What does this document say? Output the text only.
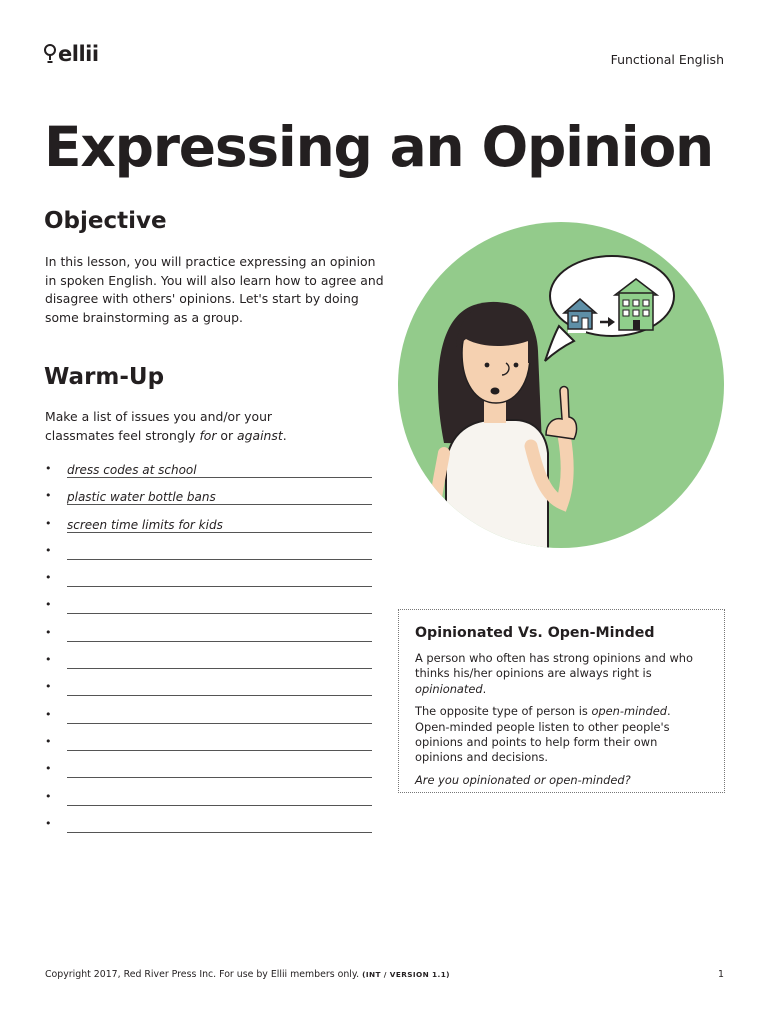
ellii	Functional English
Expressing an Opinion
Objective

In this lesson, you will practice expressing an opinion in spoken English. You will also learn how to agree and disagree with others' opinions. Let's start by doing some brainstorming as a group.

Warm-Up

Make a list of issues you and/or your classmates feel strongly for or against.

• dress codes at school
• plastic water bottle bans
• screen time limits for kids
•
•
•
•
•
•
•
•
•
•
•
Opinionated Vs. Open-Minded

A person who often has strong opinions and who thinks his/her opinions are always right is opinionated.

The opposite type of person is open-minded.

Open-minded people listen to other people's opinions and points to help form their own opinions and decisions.

Are you opinionated or open-minded?

Copyright 2017, Red River Press Inc. For use by Ellii members only. (INT / VERSION 1.1)	1
